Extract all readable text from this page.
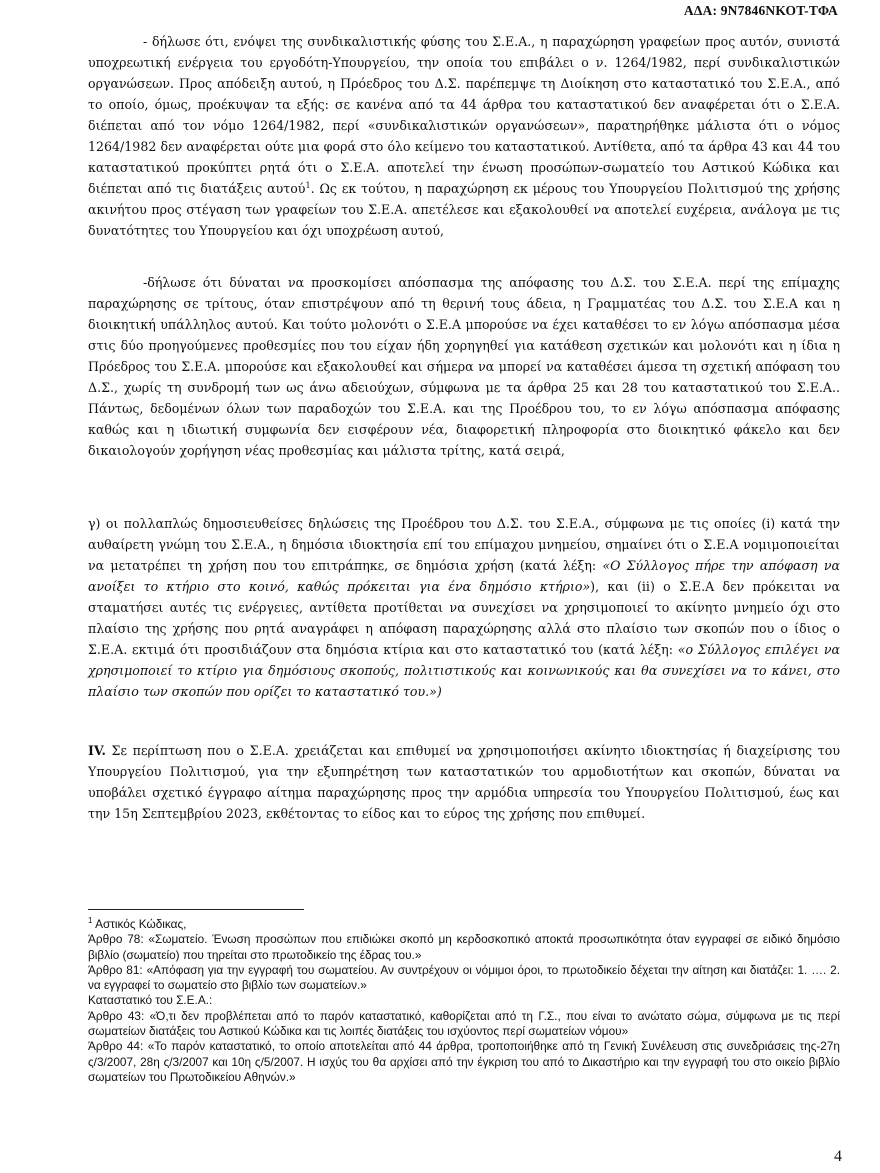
ΑΔΑ: 9Ν7846ΝΚΟΤ-ΤΦΑ

- δήλωσε ότι, ενόψει της συνδικαλιστικής φύσης του Σ.Ε.Α., η παραχώρηση γραφείων προς αυτόν, συνιστά υποχρεωτική ενέργεια του εργοδότη-Υπουργείου, την οποία του επιβάλει ο ν. 1264/1982, περί συνδικαλιστικών οργανώσεων. Προς απόδειξη αυτού, η Πρόεδρος του Δ.Σ. παρέπεμψε τη Διοίκηση στο καταστατικό του Σ.Ε.Α., από το οποίο, όμως, προέκυψαν τα εξής: σε κανένα από τα 44 άρθρα του καταστατικού δεν αναφέρεται ότι ο Σ.Ε.Α. διέπεται από τον νόμο 1264/1982, περί «συνδικαλιστικών οργανώσεων», παρατηρήθηκε μάλιστα ότι ο νόμος 1264/1982 δεν αναφέρεται ούτε μια φορά στο όλο κείμενο του καταστατικού. Αντίθετα, από τα άρθρα 43 και 44 του καταστατικού προκύπτει ρητά ότι ο Σ.Ε.Α. αποτελεί την ένωση προσώπων-σωματείο του Αστικού Κώδικα και διέπεται από τις διατάξεις αυτού$^1$. Ως εκ τούτου, η παραχώρηση εκ μέρους του Υπουργείου Πολιτισμού της χρήσης ακινήτου προς στέγαση των γραφείων του Σ.Ε.Α. απετέλεσε και εξακολουθεί να αποτελεί ευχέρεια, ανάλογα με τις δυνατότητες του Υπουργείου και όχι υποχρέωση αυτού,

-δήλωσε ότι δύναται να προσκομίσει απόσπασμα της απόφασης του Δ.Σ. του Σ.Ε.Α. περί της επίμαχης παραχώρησης σε τρίτους, όταν επιστρέψουν από τη θερινή τους άδεια, η Γραμματέας του Δ.Σ. του Σ.Ε.Α και η διοικητική υπάλληλος αυτού. Και τούτο μολονότι ο Σ.Ε.Α μπορούσε να έχει καταθέσει το εν λόγω απόσπασμα μέσα στις δύο προηγούμενες προθεσμίες που του είχαν ήδη χορηγηθεί για κατάθεση σχετικών και μολονότι και η ίδια η Πρόεδρος του Σ.Ε.Α. μπορούσε και εξακολουθεί και σήμερα να μπορεί να καταθέσει άμεσα τη σχετική απόφαση του Δ.Σ., χωρίς τη συνδρομή των ως άνω αδειούχων, σύμφωνα με τα άρθρα 25 και 28 του καταστατικού του Σ.Ε.Α.. Πάντως, δεδομένων όλων των παραδοχών του Σ.Ε.Α. και της Προέδρου του, το εν λόγω απόσπασμα απόφασης καθώς και η ιδιωτική συμφωνία δεν εισφέρουν νέα, διαφορετική πληροφορία στο διοικητικό φάκελο και δεν δικαιολογούν χορήγηση νέας προθεσμίας και μάλιστα τρίτης, κατά σειρά,

γ) οι πολλαπλώς δημοσιευθείσες δηλώσεις της Προέδρου του Δ.Σ. του Σ.Ε.Α., σύμφωνα με τις οποίες (i) κατά την αυθαίρετη γνώμη του Σ.Ε.Α., η δημόσια ιδιοκτησία επί του επίμαχου μνημείου, σημαίνει ότι ο Σ.Ε.Α νομιμοποιείται να μετατρέπει τη χρήση που του επιτράπηκε, σε δημόσια χρήση (κατά λέξη: «Ο Σύλλογος πήρε την απόφαση να ανοίξει το κτήριο στο κοινό, καθώς πρόκειται για ένα δημόσιο κτήριο»), και (ii) ο Σ.Ε.Α δεν πρόκειται να σταματήσει αυτές τις ενέργειες, αντίθετα προτίθεται να συνεχίσει να χρησιμοποιεί το ακίνητο μνημείο όχι στο πλαίσιο της χρήσης που ρητά αναγράφει η απόφαση παραχώρησης αλλά στο πλαίσιο των σκοπών που ο ίδιος ο Σ.Ε.Α. εκτιμά ότι προσιδιάζουν στα δημόσια κτίρια και στο καταστατικό του (κατά λέξη: «ο Σύλλογος επιλέγει να χρησιμοποιεί το κτίριο για δημόσιους σκοπούς, πολιτιστικούς και κοινωνικούς και θα συνεχίσει να το κάνει, στο πλαίσιο των σκοπών που ορίζει το καταστατικό του.»)

IV. Σε περίπτωση που ο Σ.Ε.Α. χρειάζεται και επιθυμεί να χρησιμοποιήσει ακίνητο ιδιοκτησίας ή διαχείρισης του Υπουργείου Πολιτισμού, για την εξυπηρέτηση των καταστατικών του αρμοδιοτήτων και σκοπών, δύναται να υποβάλει σχετικό έγγραφο αίτημα παραχώρησης προς την αρμόδια υπηρεσία του Υπουργείου Πολιτισμού, έως και την 15η Σεπτεμβρίου 2023, εκθέτοντας το είδος και το εύρος της χρήσης που επιθυμεί.

$^1$ Αστικός Κώδικας,

Άρθρο 78: «Σωματείο. Ένωση προσώπων που επιδιώκει σκοπό μη κερδοσκοπικό αποκτά προσωπικότητα όταν εγγραφεί σε ειδικό δημόσιο βιβλίο (σωματείο) που τηρείται στο πρωτοδικείο της έδρας του.»

Άρθρο 81: «Απόφαση για την εγγραφή του σωματείου. Αν συντρέχουν οι νόμιμοι όροι, το πρωτοδικείο δέχεται την αίτηση και διατάζει: 1. …. 2. να εγγραφεί το σωματείο στο βιβλίο των σωματείων.»

Καταστατικό του Σ.Ε.Α.:

Άρθρο 43: «Ό,τι δεν προβλέπεται από το παρόν καταστατικό, καθορίζεται από τη Γ.Σ., που είναι το ανώτατο σώμα, σύμφωνα με τις περί σωματείων διατάξεις του Αστικού Κώδικα και τις λοιπές διατάξεις του ισχύοντος περί σωματείων νόμου»

Άρθρο 44: «Το παρόν καταστατικό, το οποίο αποτελείται από 44 άρθρα, τροποποιήθηκε από τη Γενική Συνέλευση στις συνεδριάσεις της-27η ς/3/2007, 28η ς/3/2007 και 10η ς/5/2007. Η ισχύς του θα αρχίσει από την έγκριση του από το Δικαστήριο και την εγγραφή του στο οικείο βιβλίο σωματείων του Πρωτοδικείου Αθηνών.»

4
